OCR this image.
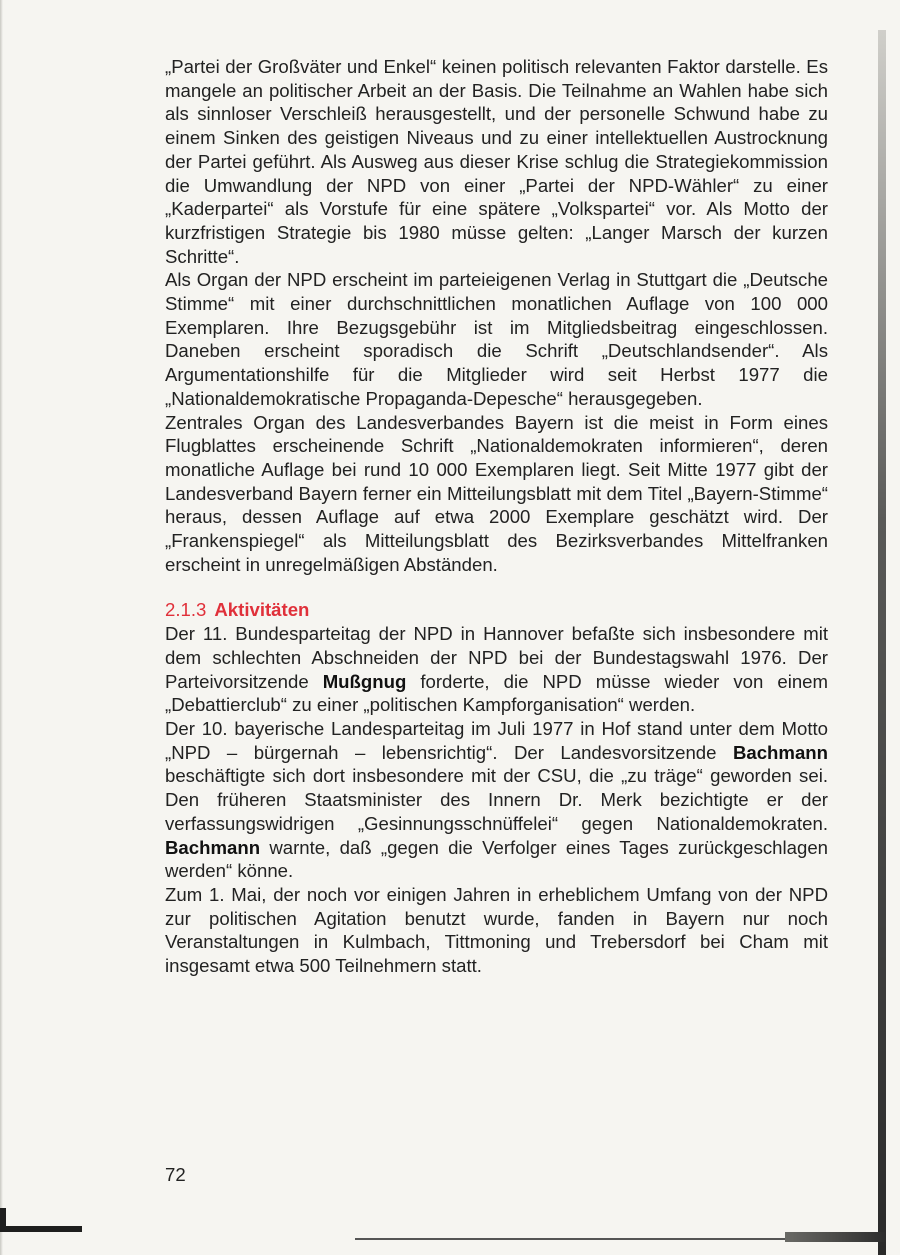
„Partei der Großväter und Enkel“ keinen politisch relevanten Faktor darstelle. Es mangele an politischer Arbeit an der Basis. Die Teilnahme an Wahlen habe sich als sinnloser Verschleiß herausgestellt, und der personelle Schwund habe zu einem Sinken des geistigen Niveaus und zu einer intellektuellen Austrocknung der Partei geführt. Als Ausweg aus dieser Krise schlug die Strategiekommission die Umwandlung der NPD von einer „Partei der NPD-Wähler“ zu einer „Kaderpartei“ als Vorstufe für eine spätere „Volkspartei“ vor. Als Motto der kurzfristigen Strategie bis 1980 müsse gelten: „Langer Marsch der kurzen Schritte“.

Als Organ der NPD erscheint im parteieigenen Verlag in Stuttgart die „Deutsche Stimme“ mit einer durchschnittlichen monatlichen Auflage von 100 000 Exemplaren. Ihre Bezugsgebühr ist im Mitgliedsbeitrag eingeschlossen. Daneben erscheint sporadisch die Schrift „Deutschlandsender“. Als Argumentationshilfe für die Mitglieder wird seit Herbst 1977 die „Nationaldemokratische Propaganda-Depesche“ herausgegeben.

Zentrales Organ des Landesverbandes Bayern ist die meist in Form eines Flugblattes erscheinende Schrift „Nationaldemokraten informieren“, deren monatliche Auflage bei rund 10 000 Exemplaren liegt. Seit Mitte 1977 gibt der Landesverband Bayern ferner ein Mitteilungsblatt mit dem Titel „Bayern-Stimme“ heraus, dessen Auflage auf etwa 2000 Exemplare geschätzt wird. Der „Frankenspiegel“ als Mitteilungsblatt des Bezirksverbandes Mittelfranken erscheint in unregelmäßigen Abständen.

2.1.3 Aktivitäten

Der 11. Bundesparteitag der NPD in Hannover befaßte sich insbesondere mit dem schlechten Abschneiden der NPD bei der Bundestagswahl 1976. Der Parteivorsitzende Mußgnug forderte, die NPD müsse wieder von einem „Debattierclub“ zu einer „politischen Kampforganisation“ werden.

Der 10. bayerische Landesparteitag im Juli 1977 in Hof stand unter dem Motto „NPD – bürgernah – lebensrichtig“. Der Landesvorsitzende Bachmann beschäftigte sich dort insbesondere mit der CSU, die „zu träge“ geworden sei. Den früheren Staatsminister des Innern Dr. Merk bezichtigte er der verfassungswidrigen „Gesinnungsschnüffelei“ gegen Nationaldemokraten. Bachmann warnte, daß „gegen die Verfolger eines Tages zurückgeschlagen werden“ könne.

Zum 1. Mai, der noch vor einigen Jahren in erheblichem Umfang von der NPD zur politischen Agitation benutzt wurde, fanden in Bayern nur noch Veranstaltungen in Kulmbach, Tittmoning und Trebersdorf bei Cham mit insgesamt etwa 500 Teilnehmern statt.

72
